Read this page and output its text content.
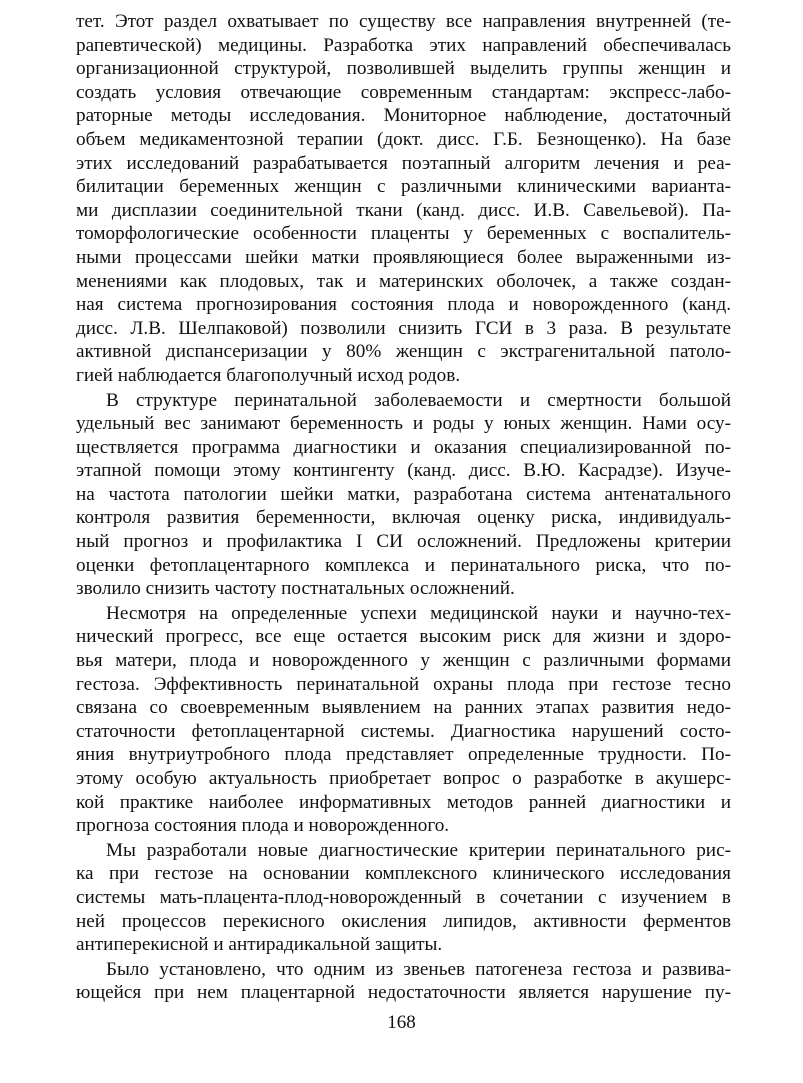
тет. Этот раздел охватывает по существу все направления внутренней (те-
рапевтической) медицины. Разработка этих направлений обеспечивалась
организационной структурой, позволившей выделить группы женщин и
создать условия отвечающие современным стандартам: экспресс-лабо-
раторные методы исследования. Мониторное наблюдение, достаточный
объем медикаментозной терапии (докт. дисс. Г.Б. Безнощенко). На базе
этих исследований разрабатывается поэтапный алгоритм лечения и реа-
билитации беременных женщин с различными клиническими варианта-
ми дисплазии соединительной ткани (канд. дисс. И.В. Савельевой). Па-
томорфологические особенности плаценты у беременных с воспалитель-
ными процессами шейки матки проявляющиеся более выраженными из-
менениями как плодовых, так и материнских оболочек, а также создан-
ная система прогнозирования состояния плода и новорожденного (канд.
дисс. Л.В. Шелпаковой) позволили снизить ГСИ в 3 раза. В результате
активной диспансеризации у 80% женщин с экстрагенитальной патоло-
гией наблюдается благополучный исход родов.
В структуре перинатальной заболеваемости и смертности большой
удельный вес занимают беременность и роды у юных женщин. Нами осу-
ществляется программа диагностики и оказания специализированной по-
этапной помощи этому контингенту (канд. дисс. В.Ю. Касрадзе). Изуче-
на частота патологии шейки матки, разработана система антенатального
контроля развития беременности, включая оценку риска, индивидуаль-
ный прогноз и профилактика I СИ осложнений. Предложены критерии
оценки фетоплацентарного комплекса и перинатального риска, что по-
зволило снизить частоту постнатальных осложнений.
Несмотря на определенные успехи медицинской науки и научно-тех-
нический прогресс, все еще остается высоким риск для жизни и здоро-
вья матери, плода и новорожденного у женщин с различными формами
гестоза. Эффективность перинатальной охраны плода при гестозе тесно
связана со своевременным выявлением на ранних этапах развития недо-
статочности фетоплацентарной системы. Диагностика нарушений состо-
яния внутриутробного плода представляет определенные трудности. По-
этому особую актуальность приобретает вопрос о разработке в акушерс-
кой практике наиболее информативных методов ранней диагностики и
прогноза состояния плода и новорожденного.
Мы разработали новые диагностические критерии перинатального рис-
ка при гестозе на основании комплексного клинического исследования
системы мать-плацента-плод-новорожденный в сочетании с изучением в
ней процессов перекисного окисления липидов, активности ферментов
антиперекисной и антирадикальной защиты.
Было установлено, что одним из звеньев патогенеза гестоза и развива-
ющейся при нем плацентарной недостаточности является нарушение пу-
168
